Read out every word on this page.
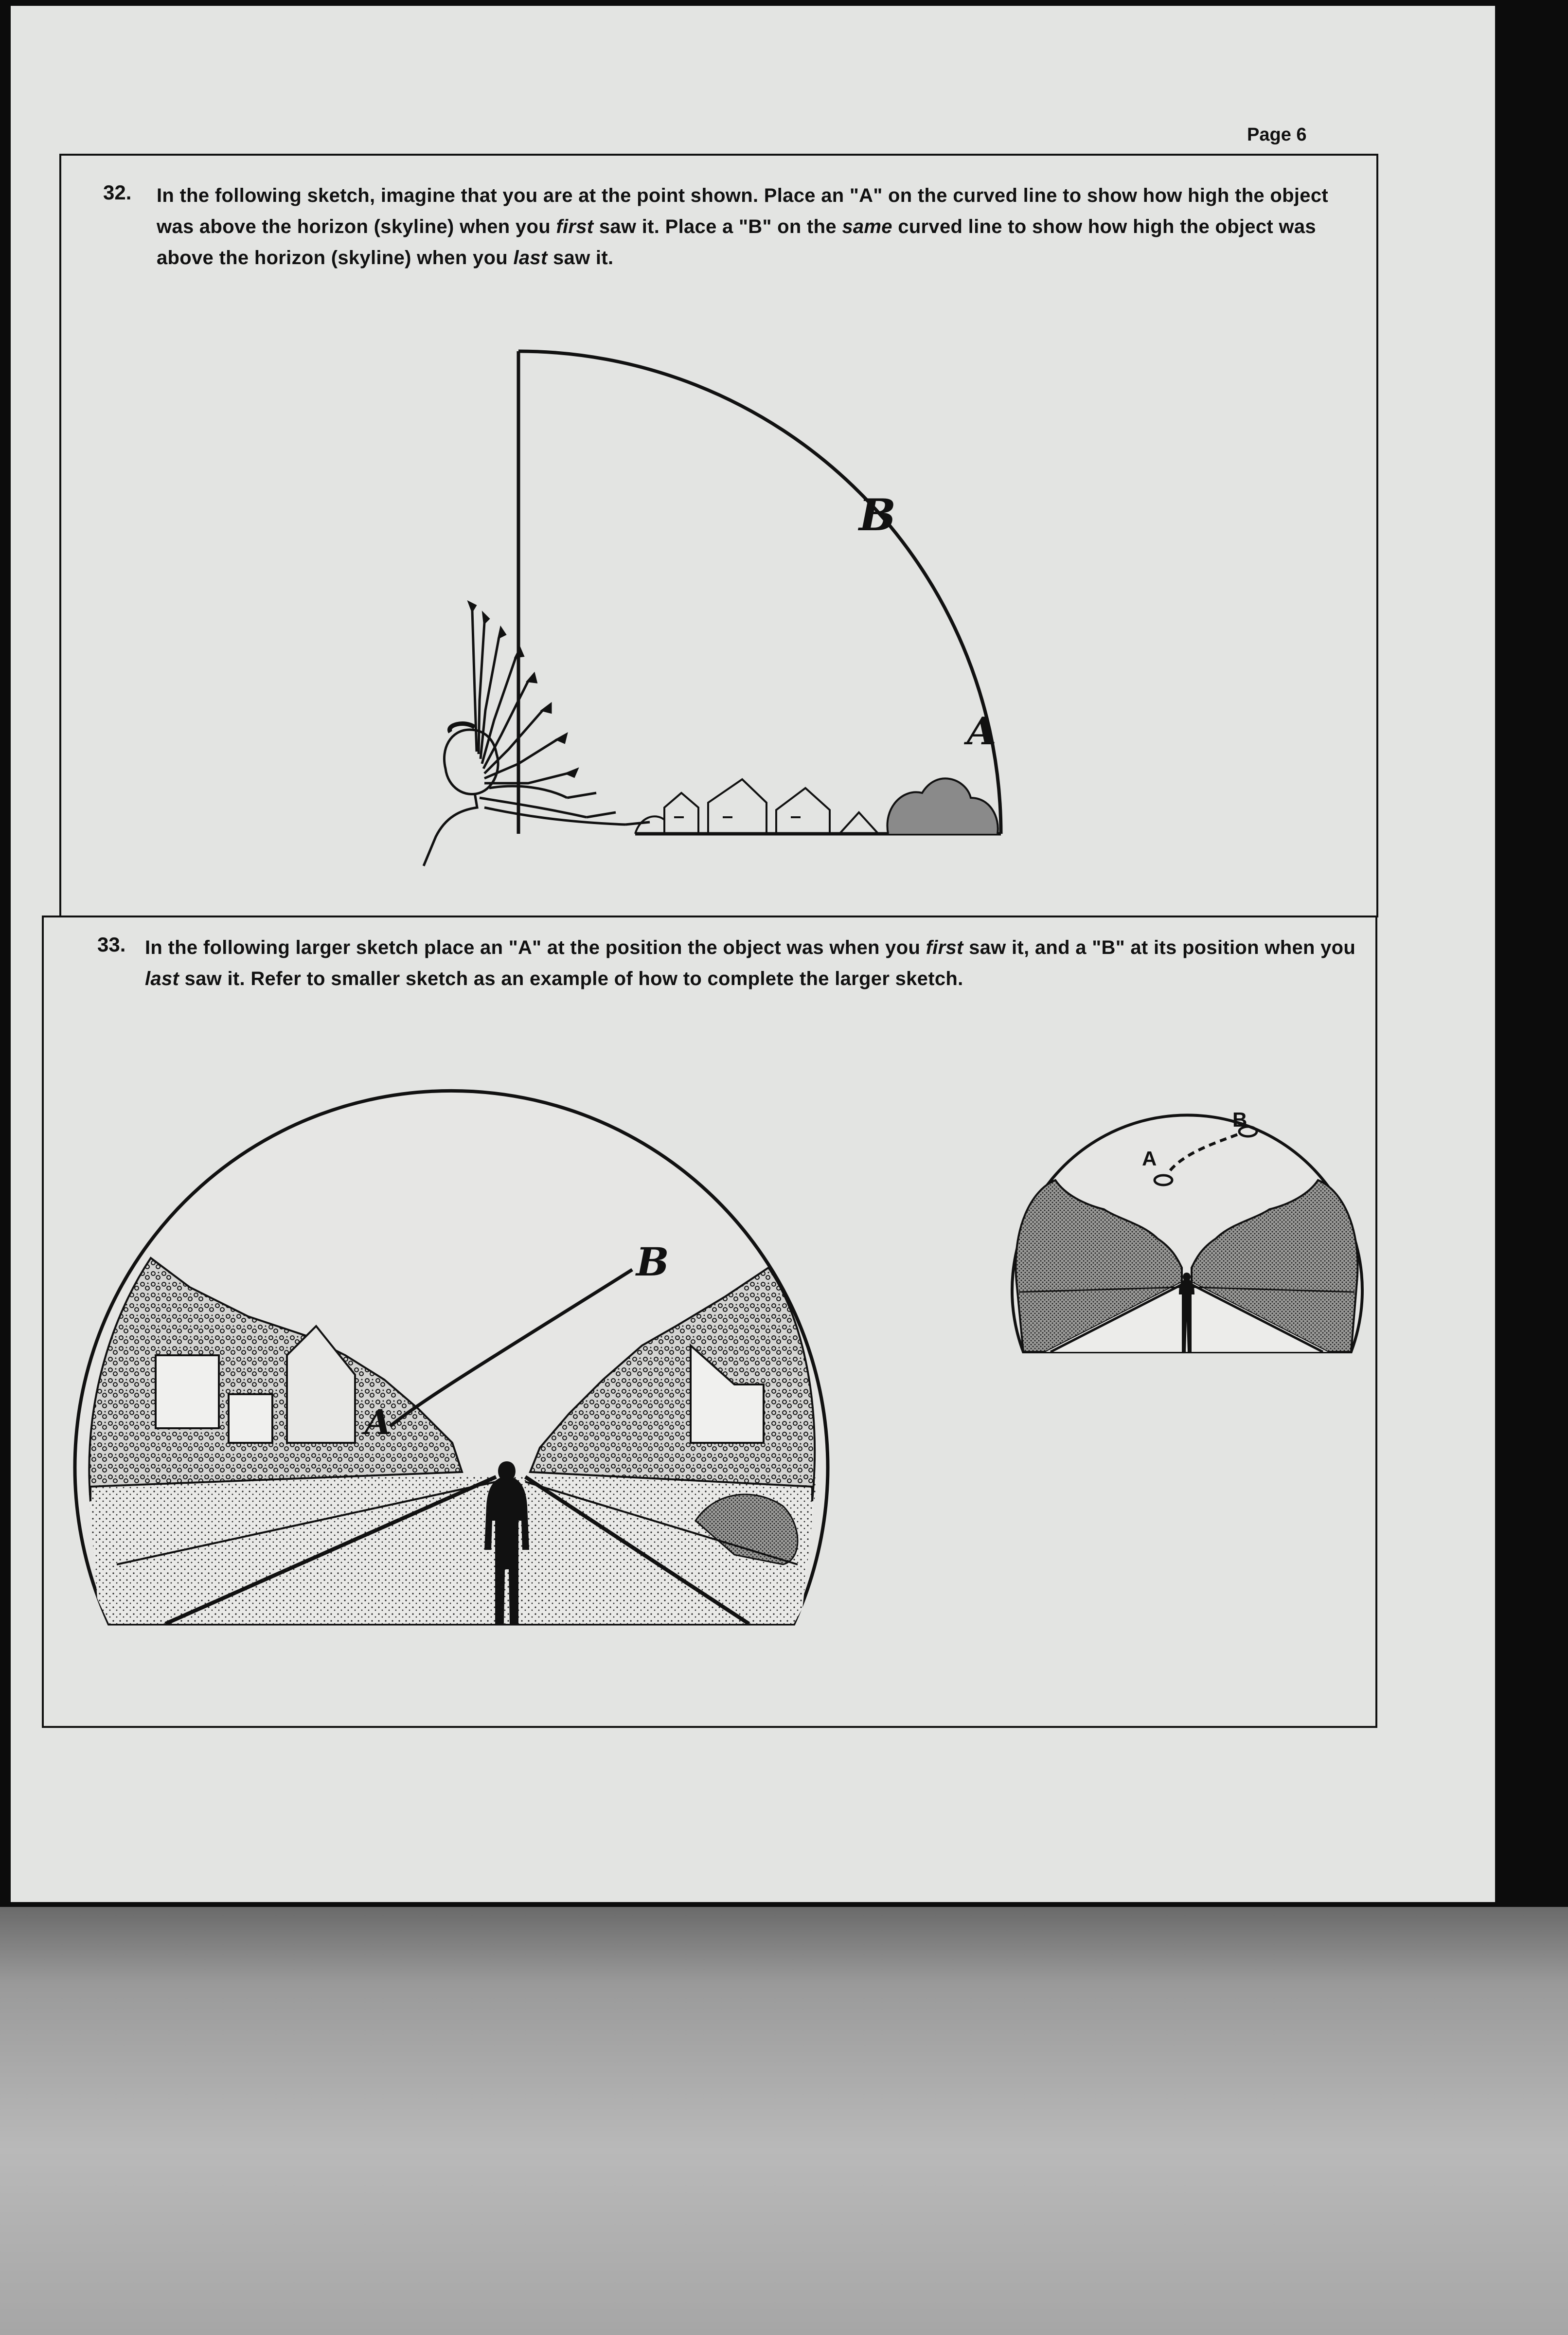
Page 6

32. In the following sketch, imagine that you are at the point shown. Place an "A" on the curved line to show how high the object was above the horizon (skyline) when you first saw it. Place a "B" on the same curved line to show how high the object was above the horizon (skyline) when you last saw it.

B
A

33. In the following larger sketch place an "A" at the position the object was when you first saw it, and a "B" at its position when you last saw it. Refer to smaller sketch as an example of how to complete the larger sketch.

A
B
A
B
